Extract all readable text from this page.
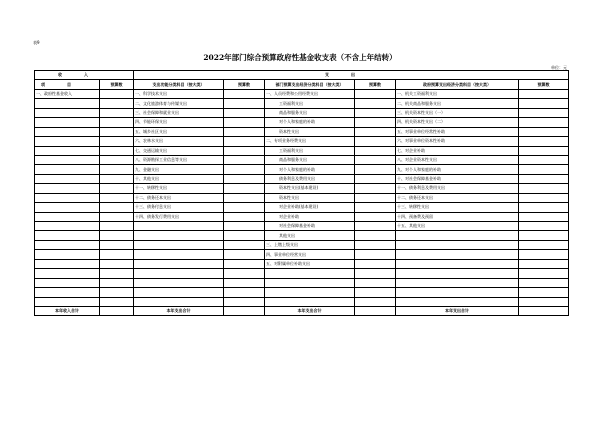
表9
2022年部门综合预算政府性基金收支表（不含上年结转）
单位：元
收入		支出					
项目	预算数	支出功能分类科目（按大类）	预算数	部门预算支出经济分类科目（按大类）	预算数	政府预算支出经济分类科目（按大类）	预算数
一、政府性基金收入		一、科学技术支出		一、人员经费和公用经费支出		一、机关工资福利支出	
		二、文化旅游体育与传媒支出		工资福利支出		二、机关商品和服务支出	
		三、社会保障和就业支出		商品和服务支出		三、机关资本性支出（一）	
		四、节能环保支出		对个人和家庭的补助		四、机关资本性支出（二）	
		五、城乡社区支出		资本性支出		五、对事业单位经常性补助	
		六、农林水支出		二、专项业务经费支出		六、对事业单位资本性补助	
		七、交通运输支出		工资福利支出		七、对企业补助	
		八、资源勘探工业信息等支出		商品和服务支出		八、对企业资本性支出	
		九、金融支出		对个人和家庭的补助		九、对个人和家庭的补助	
		十、其他支出		债务利息及费用支出		十、对社会保障基金补助	
		十一、转移性支出		资本性支出(基本建设)		十一、债务利息及费用支出	
		十二、债务还本支出		资本性支出		十二、债务还本支出	
		十三、债务付息支出		对企业补助(基本建设)		十三、转移性支出	
		十四、债务发行费用支出		对企业补助		十四、预备费及预留	
				对社会保障基金补助		十五、其他支出	
				其他支出			
				三、上缴上级支出			
				四、事业单位经营支出			
				五、对附属单位补助支出			

本年收入合计		本年支出合计		本年支出合计		本年支出合计	
